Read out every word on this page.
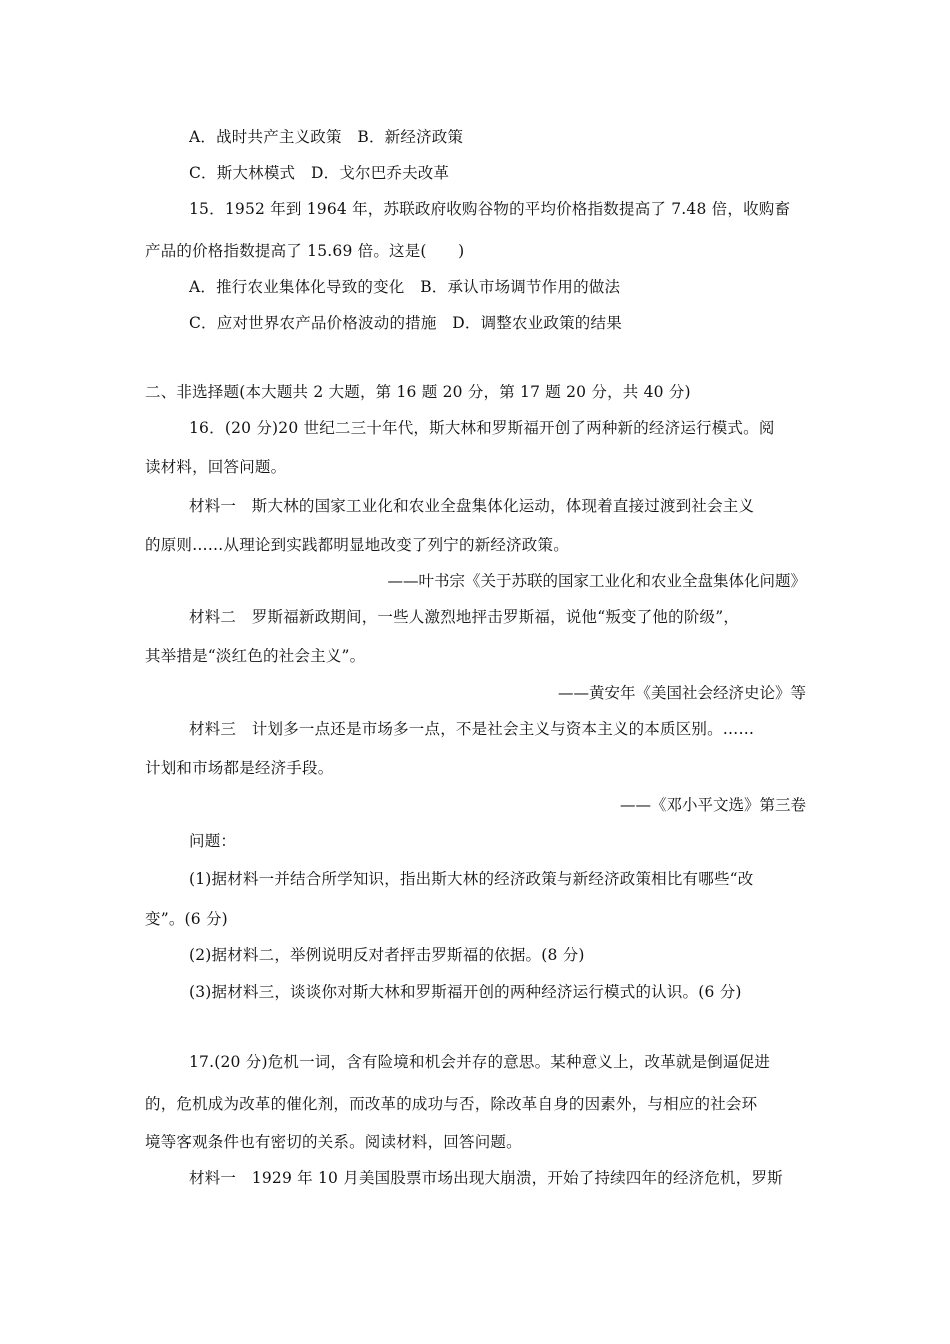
A．战时共产主义政策　B．新经济政策
C．斯大林模式　D．戈尔巴乔夫改革
15．1952 年到 1964 年，苏联政府收购谷物的平均价格指数提高了 7.48 倍，收购畜
产品的价格指数提高了 15.69 倍。这是(　　)
A．推行农业集体化导致的变化　B．承认市场调节作用的做法
C．应对世界农产品价格波动的措施　D．调整农业政策的结果
二、非选择题(本大题共 2 大题，第 16 题 20 分，第 17 题 20 分，共 40 分)
16．(20 分)20 世纪二三十年代，斯大林和罗斯福开创了两种新的经济运行模式。阅
读材料，回答问题。
材料一　斯大林的国家工业化和农业全盘集体化运动，体现着直接过渡到社会主义
的原则……从理论到实践都明显地改变了列宁的新经济政策。
——叶书宗《关于苏联的国家工业化和农业全盘集体化问题》
材料二　罗斯福新政期间，一些人激烈地抨击罗斯福，说他“叛变了他的阶级”，
其举措是“淡红色的社会主义”。
——黄安年《美国社会经济史论》等
材料三　计划多一点还是市场多一点，不是社会主义与资本主义的本质区别。……
计划和市场都是经济手段。
——《邓小平文选》第三卷
问题：
(1)据材料一并结合所学知识，指出斯大林的经济政策与新经济政策相比有哪些“改
变”。(6 分)
(2)据材料二，举例说明反对者抨击罗斯福的依据。(8 分)
(3)据材料三，谈谈你对斯大林和罗斯福开创的两种经济运行模式的认识。(6 分)
17.(20 分)危机一词，含有险境和机会并存的意思。某种意义上，改革就是倒逼促进
的，危机成为改革的催化剂，而改革的成功与否，除改革自身的因素外，与相应的社会环
境等客观条件也有密切的关系。阅读材料，回答问题。
材料一　1929 年 10 月美国股票市场出现大崩溃，开始了持续四年的经济危机，罗斯
